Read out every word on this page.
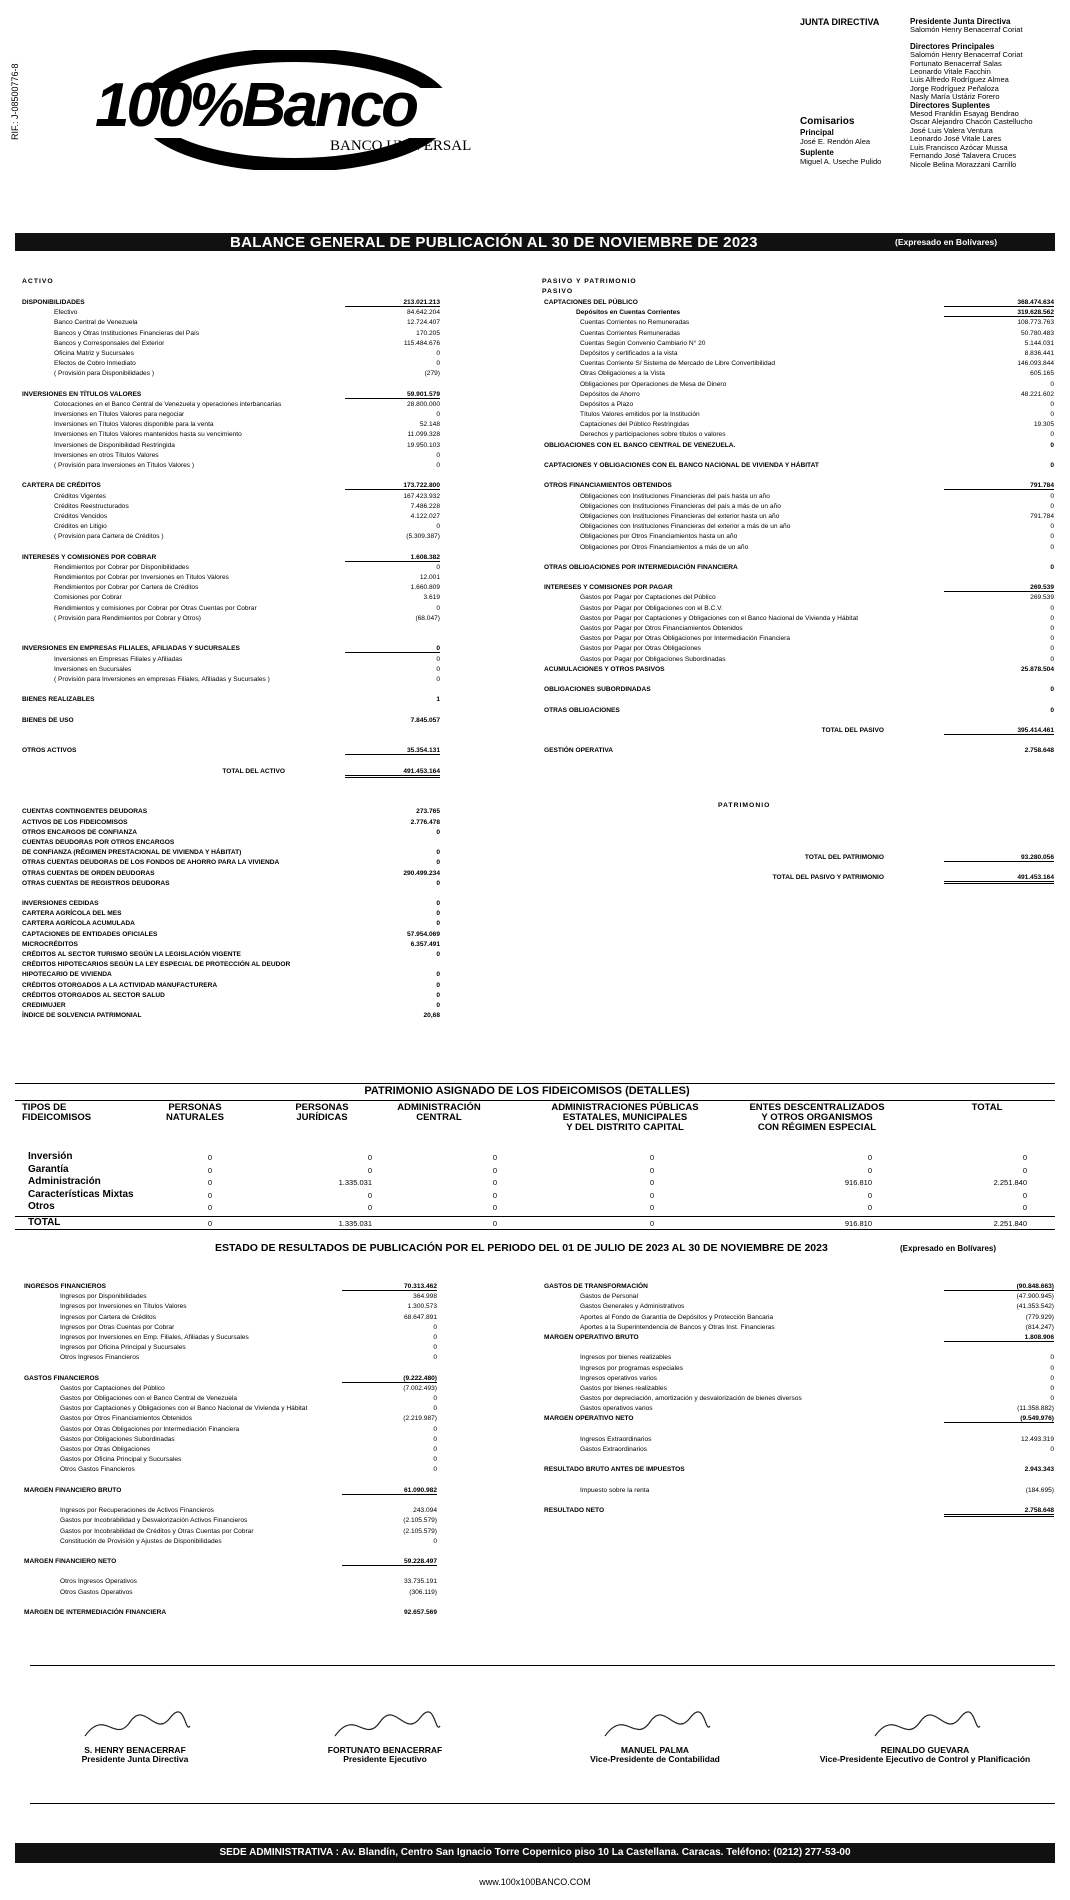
RIF.: J-08500776-8 100%Banco
BANCO UNIVERSAL
JUNTA DIRECTIVA	Presidente Junta Directiva
Salomón Henry Benacerraf Coriat
Directores Principales
Salomón Henry Benacerraf Coriat
Fortunato Benacerraf Salas
Leonardo Vitale Facchin
Luis Alfredo Rodríguez Almea
Jorge Rodríguez Peñaloza
Nasly María Ustáriz Forero
Directores Suplentes
Mesod Franklin Esayag Bendrao
Oscar Alejandro Chacón Castellucho
José Luis Valera Ventura
Leonardo José Vitale Lares
Luis Francisco Azócar Mussa
Fernando José Talavera Cruces
Nicole Belina Morazzani Carrillo
Comisarios
Principal
José E. Rendón Alea
Suplente
Miguel A. Useche Pulido
BALANCE GENERAL DE PUBLICACIÓN AL 30 DE NOVIEMBRE DE 2023	(Expresado en Bolívares)
ACTIVO	PASIVO Y PATRIMONIO
PASIVO
DISPONIBILIDADES	213.021.213
Efectivo	84.642.204
Banco Central de Venezuela	12.724.407
Bancos y Otras Instituciones Financieras del País	170.205
Bancos y Corresponsales del Exterior	115.484.676
Oficina Matriz y Sucursales	0
Efectos de Cobro Inmediato	0
( Provisión para Disponibilidades )	(279)
INVERSIONES EN TÍTULOS VALORES	59.901.579
Colocaciones en el Banco Central de Venezuela y operaciones interbancarias	28.800.000
Inversiones en Títulos Valores para negociar	0
Inversiones en Títulos Valores disponible para la venta	52.148
Inversiones en Títulos Valores mantenidos hasta su vencimiento	11.099.328
Inversiones de Disponibilidad Restringida	19.950.103
Inversiones en otros Títulos Valores	0
( Provisión para Inversiones en Títulos Valores )	0
CARTERA DE CRÉDITOS	173.722.800
Créditos Vigentes	167.423.932
Créditos Reestructurados	7.486.228
Créditos Vencidos	4.122.027
Créditos en Litigio	0
( Provisión para Cartera de Créditos )	(5.309.387)
INTERESES Y COMISIONES POR COBRAR	1.608.382
Rendimientos por Cobrar por Disponibilidades	0
Rendimientos por Cobrar por Inversiones en Títulos Valores	12.001
Rendimientos por Cobrar por Cartera de Créditos	1.660.809
Comisiones por Cobrar	3.619
Rendimientos y comisiones por Cobrar por Otras Cuentas por Cobrar	0
( Provisión para Rendimientos por Cobrar y Otros)	(68.047)
INVERSIONES EN EMPRESAS FILIALES, AFILIADAS Y SUCURSALES	0
Inversiones en Empresas Filiales y Afiliadas	0
Inversiones en Sucursales	0
( Provisión para Inversiones en empresas Filiales, Afiliadas y Sucursales )	0
BIENES REALIZABLES	1
BIENES DE USO	7.845.057
OTROS ACTIVOS	35.354.131
TOTAL DEL ACTIVO	491.453.164
CUENTAS CONTINGENTES DEUDORAS	273.765
ACTIVOS DE LOS FIDEICOMISOS	2.776.478
OTROS ENCARGOS DE CONFIANZA	0
CUENTAS DEUDORAS POR OTROS ENCARGOS
DE CONFIANZA (RÉGIMEN PRESTACIONAL DE VIVIENDA Y HÁBITAT)	0
OTRAS CUENTAS DEUDORAS DE LOS FONDOS DE AHORRO PARA LA VIVIENDA	0
OTRAS CUENTAS DE ORDEN DEUDORAS	290.499.234
OTRAS CUENTAS DE REGISTROS DEUDORAS	0
INVERSIONES CEDIDAS	0
CARTERA AGRÍCOLA DEL MES	0
CARTERA AGRÍCOLA ACUMULADA	0
CAPTACIONES DE ENTIDADES OFICIALES	57.954.069
MICROCRÉDITOS	6.357.491
CRÉDITOS AL SECTOR TURISMO SEGÚN LA LEGISLACIÓN VIGENTE	0
CRÉDITOS HIPOTECARIOS SEGÚN LA LEY ESPECIAL DE PROTECCIÓN AL DEUDOR
HIPOTECARIO DE VIVIENDA	0
CRÉDITOS OTORGADOS A LA ACTIVIDAD MANUFACTURERA	0
CRÉDITOS OTORGADOS AL SECTOR SALUD	0
CREDIMUJER	0
ÍNDICE DE SOLVENCIA PATRIMONIAL	20,68
CAPTACIONES DEL PÚBLICO	368.474.634
Depósitos en Cuentas Corrientes	319.628.562
Cuentas Corrientes no Remuneradas	108.773.763
Cuentas Corrientes Remuneradas	50.780.483
Cuentas Según Convenio Cambiario N° 20	5.144.031
Depósitos y certificados a la vista	8.836.441
Cuentas Corriente S/ Sistema de Mercado de Libre Convertibilidad	146.093.844
Otras Obligaciones a la Vista	605.165
Obligaciones por Operaciones de Mesa de Dinero	0
Depósitos de Ahorro	48.221.602
Depósitos a Plazo	0
Títulos Valores emitidos por la Institución	0
Captaciones del Público Restringidas	19.305
Derechos y participaciones sobre títulos o valores	0
OBLIGACIONES CON EL BANCO CENTRAL DE VENEZUELA.	0
CAPTACIONES Y OBLIGACIONES CON EL BANCO NACIONAL DE VIVIENDA Y HÁBITAT	0
OTROS FINANCIAMIENTOS OBTENIDOS	791.784
Obligaciones con Instituciones Financieras del país hasta un año	0
Obligaciones con Instituciones Financieras del país a más de un año	0
Obligaciones con Instituciones Financieras del exterior hasta un año	791.784
Obligaciones con Instituciones Financieras del exterior a más de un año	0
Obligaciones por Otros Financiamientos hasta un año	0
Obligaciones por Otros Financiamientos a más de un año	0
OTRAS OBLIGACIONES POR INTERMEDIACIÓN FINANCIERA	0
INTERESES Y COMISIONES POR PAGAR	269.539
Gastos por Pagar por Captaciones del Público	269.539
Gastos por Pagar por Obligaciones con el B.C.V.	0
Gastos por Pagar por Captaciones y Obligaciones con el Banco Nacional de Vivienda y Hábitat	0
Gastos por Pagar por Otros Financiamientos Obtenidos	0
Gastos por Pagar por Otras Obligaciones por Intermediación Financiera	0
Gastos por Pagar por Otras Obligaciones	0
Gastos por Pagar por Obligaciones Subordinadas	0
ACUMULACIONES Y OTROS PASIVOS	25.878.504
OBLIGACIONES SUBORDINADAS	0
OTRAS OBLIGACIONES	0
TOTAL DEL PASIVO	395.414.461
GESTIÓN OPERATIVA	2.758.648
PATRIMONIO
TOTAL DEL PATRIMONIO	93.280.056
TOTAL DEL PASIVO Y PATRIMONIO	491.453.164
PATRIMONIO ASIGNADO DE LOS FIDEICOMISOS (DETALLES)
TIPOS DE
FIDEICOMISOS
PERSONAS
NATURALES
PERSONAS
JURÍDICAS
ADMINISTRACIÓN
CENTRAL
ADMINISTRACIONES PÚBLICAS
ESTATALES, MUNICIPALES
Y DEL DISTRITO CAPITAL
ENTES DESCENTRALIZADOS
Y OTROS ORGANISMOS
CON RÉGIMEN ESPECIAL
TOTAL
Inversión	0	0	0	0	0	0
Garantía	0	0	0	0	0	0
Administración	0	1.335.031	0	0	916.810	2.251.840
Características Mixtas	0	0	0	0	0	0
Otros	0	0	0	0	0	0
TOTAL	0	1.335.031	0	0	916.810	2.251.840
ESTADO DE RESULTADOS DE PUBLICACIÓN POR EL PERIODO DEL 01 DE JULIO DE 2023 AL 30 DE NOVIEMBRE DE 2023	(Expresado en Bolívares)
INGRESOS FINANCIEROS	70.313.462
Ingresos por Disponibilidades	364.998
Ingresos por Inversiones en Títulos Valores	1.300.573
Ingresos por Cartera de Créditos	68.647.891
Ingresos por Otras Cuentas por Cobrar	0
Ingresos por Inversiones en Emp. Filiales, Afiliadas y Sucursales	0
Ingresos por Oficina Principal y Sucursales	0
Otros Ingresos Financieros	0
GASTOS FINANCIEROS	(9.222.480)
Gastos por Captaciones del Público	(7.002.493)
Gastos por Obligaciones con el Banco Central de Venezuela	0
Gastos por Captaciones y Obligaciones con el Banco Nacional de Vivienda y Hábitat	0
Gastos por Otros Financiamientos Obtenidos	(2.219.987)
Gastos por Otras Obligaciones por Intermediación Financiera	0
Gastos por Obligaciones Subordinadas	0
Gastos por Otras Obligaciones	0
Gastos por Oficina Principal y Sucursales	0
Otros Gastos Financieros	0
MARGEN FINANCIERO BRUTO	61.090.982
Ingresos por Recuperaciones de Activos Financieros	243.094
Gastos por Incobrabilidad y Desvalorización Activos Financieros	(2.105.579)
Gastos por Incobrabilidad de Créditos y Otras Cuentas por Cobrar	(2.105.579)
Constitución de Provisión y Ajustes de Disponibilidades	0
MARGEN FINANCIERO NETO	59.228.497
Otros Ingresos Operativos	33.735.191
Otros Gastos Operativos	(306.119)
MARGEN DE INTERMEDIACIÓN FINANCIERA	92.657.569
GASTOS DE TRANSFORMACIÓN	(90.848.663)
Gastos de Personal	(47.900.945)
Gastos Generales y Administrativos	(41.353.542)
Aportes al Fondo de Garantía de Depósitos y Protección Bancaria	(779.929)
Aportes a la Superintendencia de Bancos y Otras Inst. Financieras	(814.247)
MARGEN OPERATIVO BRUTO	1.808.906
Ingresos por bienes realizables	0
Ingresos por programas especiales	0
Ingresos operativos varios	0
Gastos por bienes realizables	0
Gastos por depreciación, amortización y desvalorización de bienes diversos	0
Gastos operativos varios	(11.358.882)
MARGEN OPERATIVO NETO	(9.549.976)
Ingresos Extraordinarios	12.493.319
Gastos Extraordinarios	0
RESULTADO BRUTO ANTES DE IMPUESTOS	2.943.343
Impuesto sobre la renta	(184.695)
RESULTADO NETO	2.758.648
S. HENRY BENACERRAF
Presidente Junta Directiva
FORTUNATO BENACERRAF
Presidente Ejecutivo
MANUEL PALMA
Vice-Presidente de Contabilidad
REINALDO GUEVARA
Vice-Presidente Ejecutivo de Control y Planificación
SEDE ADMINISTRATIVA : Av. Blandín, Centro San Ignacio Torre Copernico piso 10 La Castellana. Caracas. Teléfono: (0212) 277-53-00
www.100x100BANCO.COM
